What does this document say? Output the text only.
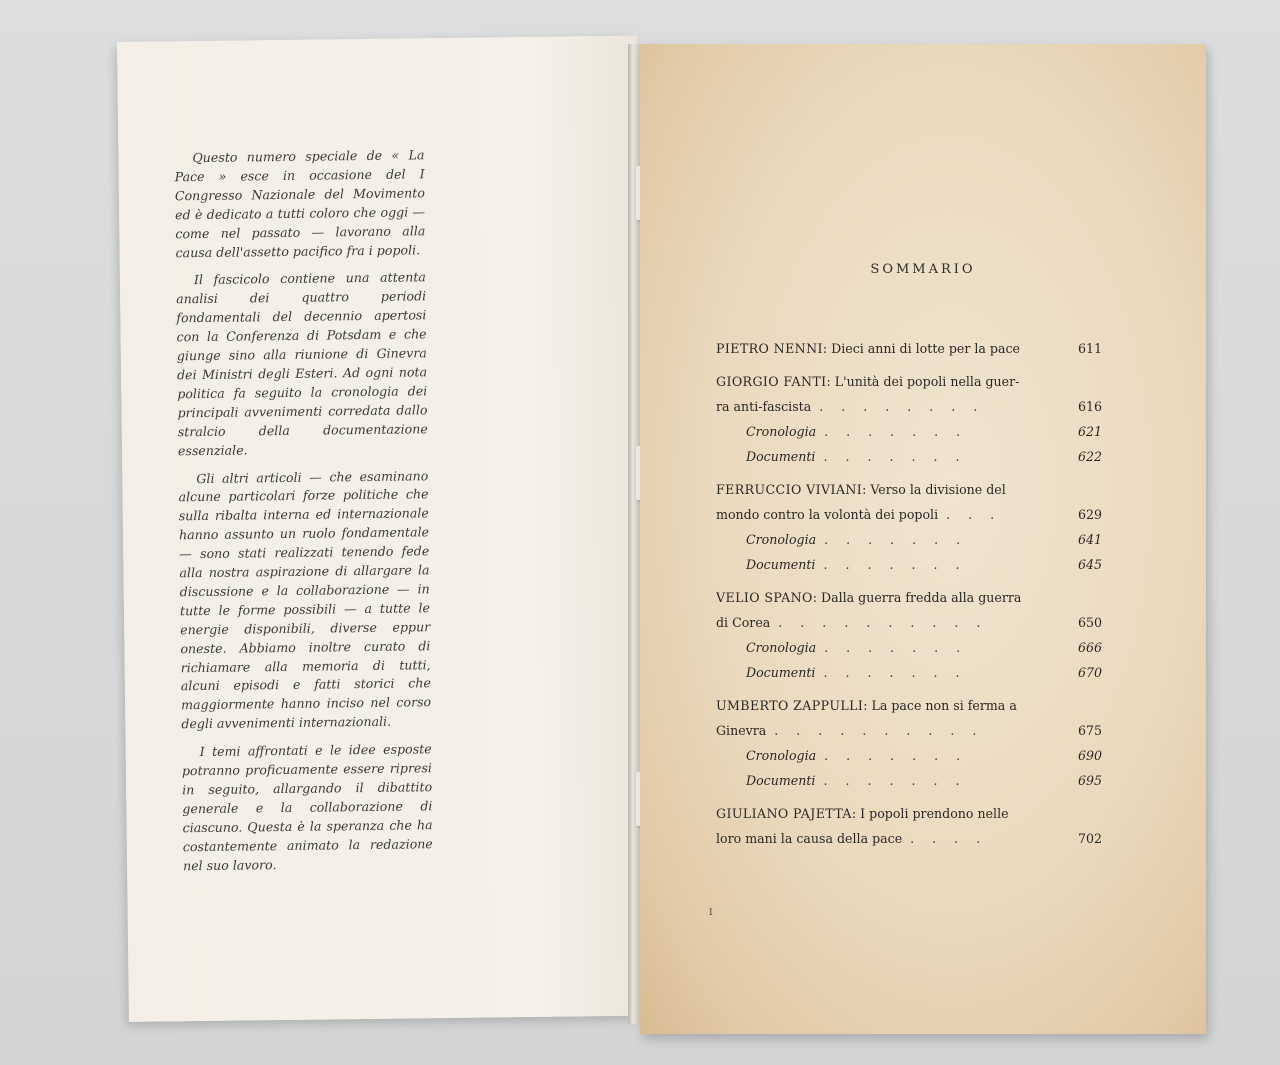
Questo numero speciale de « La Pace » esce in occasione del I Congresso Nazionale del Movimento ed è dedicato a tutti coloro che oggi — come nel passato — lavorano alla causa dell'assetto pacifico fra i popoli.

Il fascicolo contiene una attenta analisi dei quattro periodi fondamentali del decennio apertosi con la Conferenza di Potsdam e che giunge sino alla riunione di Ginevra dei Ministri degli Esteri. Ad ogni nota politica fa seguito la cronologia dei principali avvenimenti corredata dallo stralcio della documentazione essenziale.

Gli altri articoli — che esaminano alcune particolari forze politiche che sulla ribalta interna ed internazionale hanno assunto un ruolo fondamentale — sono stati realizzati tenendo fede alla nostra aspirazione di allargare la discussione e la collaborazione — in tutte le forme possibili — a tutte le energie disponibili, diverse eppur oneste. Abbiamo inoltre curato di richiamare alla memoria di tutti, alcuni episodi e fatti storici che maggiormente hanno inciso nel corso degli avvenimenti internazionali.

I temi affrontati e le idee esposte potranno proficuamente essere ripresi in seguito, allargando il dibattito generale e la collaborazione di ciascuno. Questa è la speranza che ha costantemente animato la redazione nel suo lavoro.

SOMMARIO
PIETRO NENNI: Dieci anni di lotte per la pace	611
GIORGIO FANTI: L'unità dei popoli nella guer-
ra anti-fascista . . . . . . . .	616
Cronologia . . . . . . .	621
Documenti . . . . . . .	622
FERRUCCIO VIVIANI: Verso la divisione del
mondo contro la volontà dei popoli . . .	629
Cronologia . . . . . . .	641
Documenti . . . . . . .	645
VELIO SPANO: Dalla guerra fredda alla guerra
di Corea . . . . . . . . . .	650
Cronologia . . . . . . .	666
Documenti . . . . . . .	670
UMBERTO ZAPPULLI: La pace non si ferma a
Ginevra . . . . . . . . . .	675
Cronologia . . . . . . .	690
Documenti . . . . . . .	695
GIULIANO PAJETTA: I popoli prendono nelle
loro mani la causa della pace . . . .	702
1
